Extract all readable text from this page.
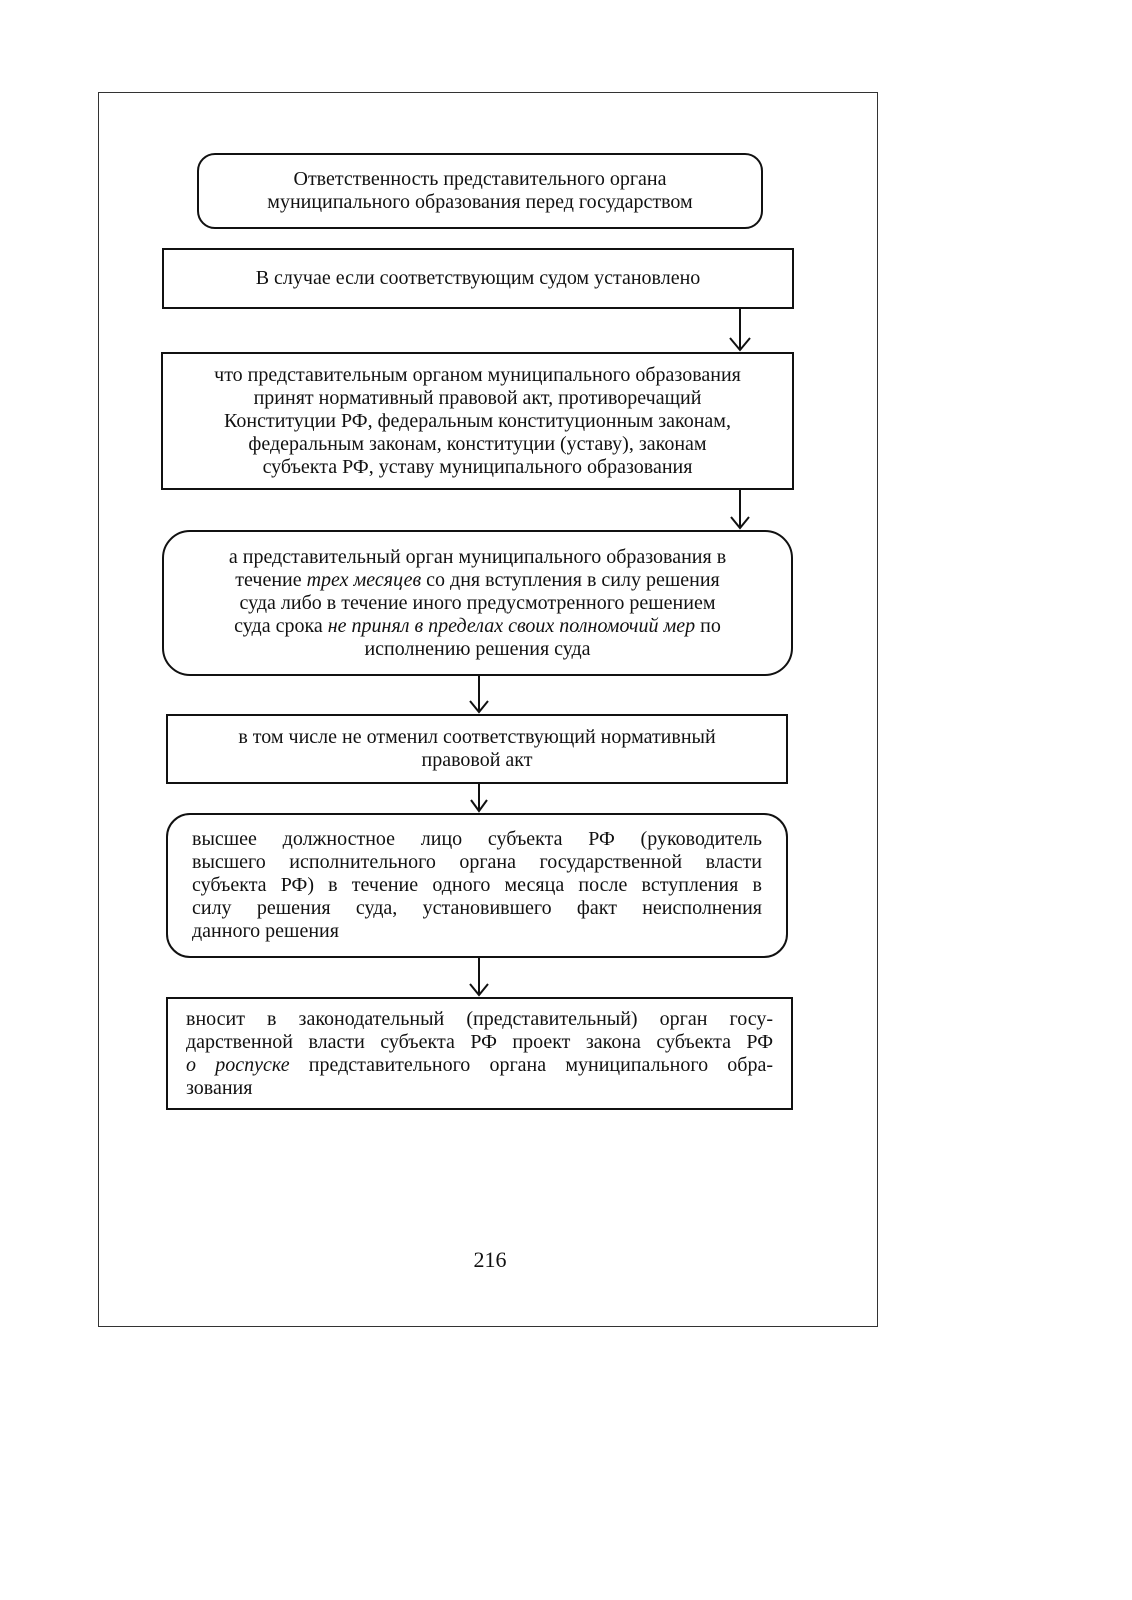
Ответственность представительного органа
муниципального образования перед государством
В случае если соответствующим судом установлено
что представительным органом муниципального образования
принят нормативный правовой акт, противоречащий
Конституции РФ, федеральным конституционным законам,
федеральным законам, конституции (уставу), законам
субъекта РФ, уставу муниципального образования
а представительный орган муниципального образования в
течение трех месяцев со дня вступления в силу решения
суда либо в течение иного предусмотренного решением
суда срока не принял в пределах своих полномочий мер по
исполнению решения суда
в том числе не отменил соответствующий нормативный
правовой акт
высшее должностное лицо субъекта РФ (руководитель
высшего исполнительного органа государственной власти
субъекта РФ) в течение одного месяца после вступления в
силу решения суда, установившего факт неисполнения
данного решения
вносит в законодательный (представительный) орган госу-
дарственной власти субъекта РФ проект закона субъекта РФ
о роспуске представительного органа муниципального обра-
зования
216
